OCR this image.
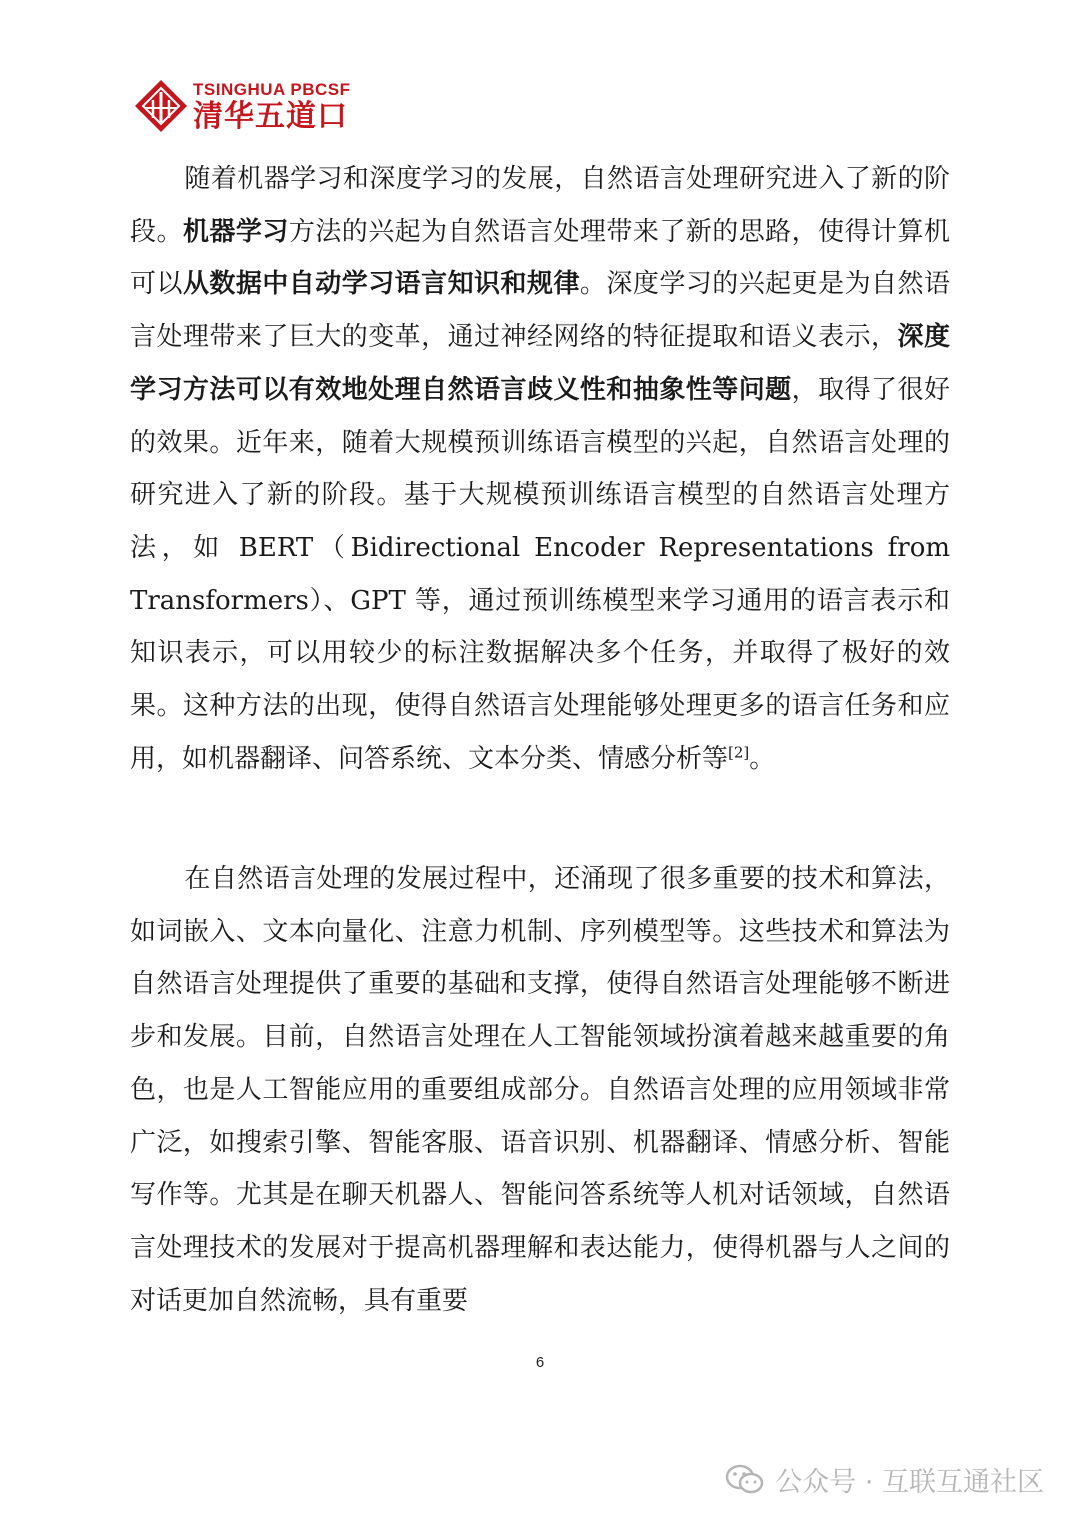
TSINGHUA PBCSF
清华五道口
随着机器学习和深度学习的发展，自然语言处理研究进入了新的阶段。机器学习方法的兴起为自然语言处理带来了新的思路，使得计算机可以从数据中自动学习语言知识和规律。深度学习的兴起更是为自然语言处理带来了巨大的变革，通过神经网络的特征提取和语义表示，深度学习方法可以有效地处理自然语言歧义性和抽象性等问题，取得了很好的效果。近年来，随着大规模预训练语言模型的兴起，自然语言处理的研究进入了新的阶段。基于大规模预训练语言模型的自然语言处理方法，如 BERT（Bidirectional Encoder Representations from Transformers）、GPT 等，通过预训练模型来学习通用的语言表示和知识表示，可以用较少的标注数据解决多个任务，并取得了极好的效果。这种方法的出现，使得自然语言处理能够处理更多的语言任务和应用，如机器翻译、问答系统、文本分类、情感分析等[2]。
在自然语言处理的发展过程中，还涌现了很多重要的技术和算法，如词嵌入、文本向量化、注意力机制、序列模型等。这些技术和算法为自然语言处理提供了重要的基础和支撑，使得自然语言处理能够不断进步和发展。目前，自然语言处理在人工智能领域扮演着越来越重要的角色，也是人工智能应用的重要组成部分。自然语言处理的应用领域非常广泛，如搜索引擎、智能客服、语音识别、机器翻译、情感分析、智能写作等。尤其是在聊天机器人、智能问答系统等人机对话领域，自然语言处理技术的发展对于提高机器理解和表达能力，使得机器与人之间的对话更加自然流畅，具有重要
6
公众号 · 互联互通社区
